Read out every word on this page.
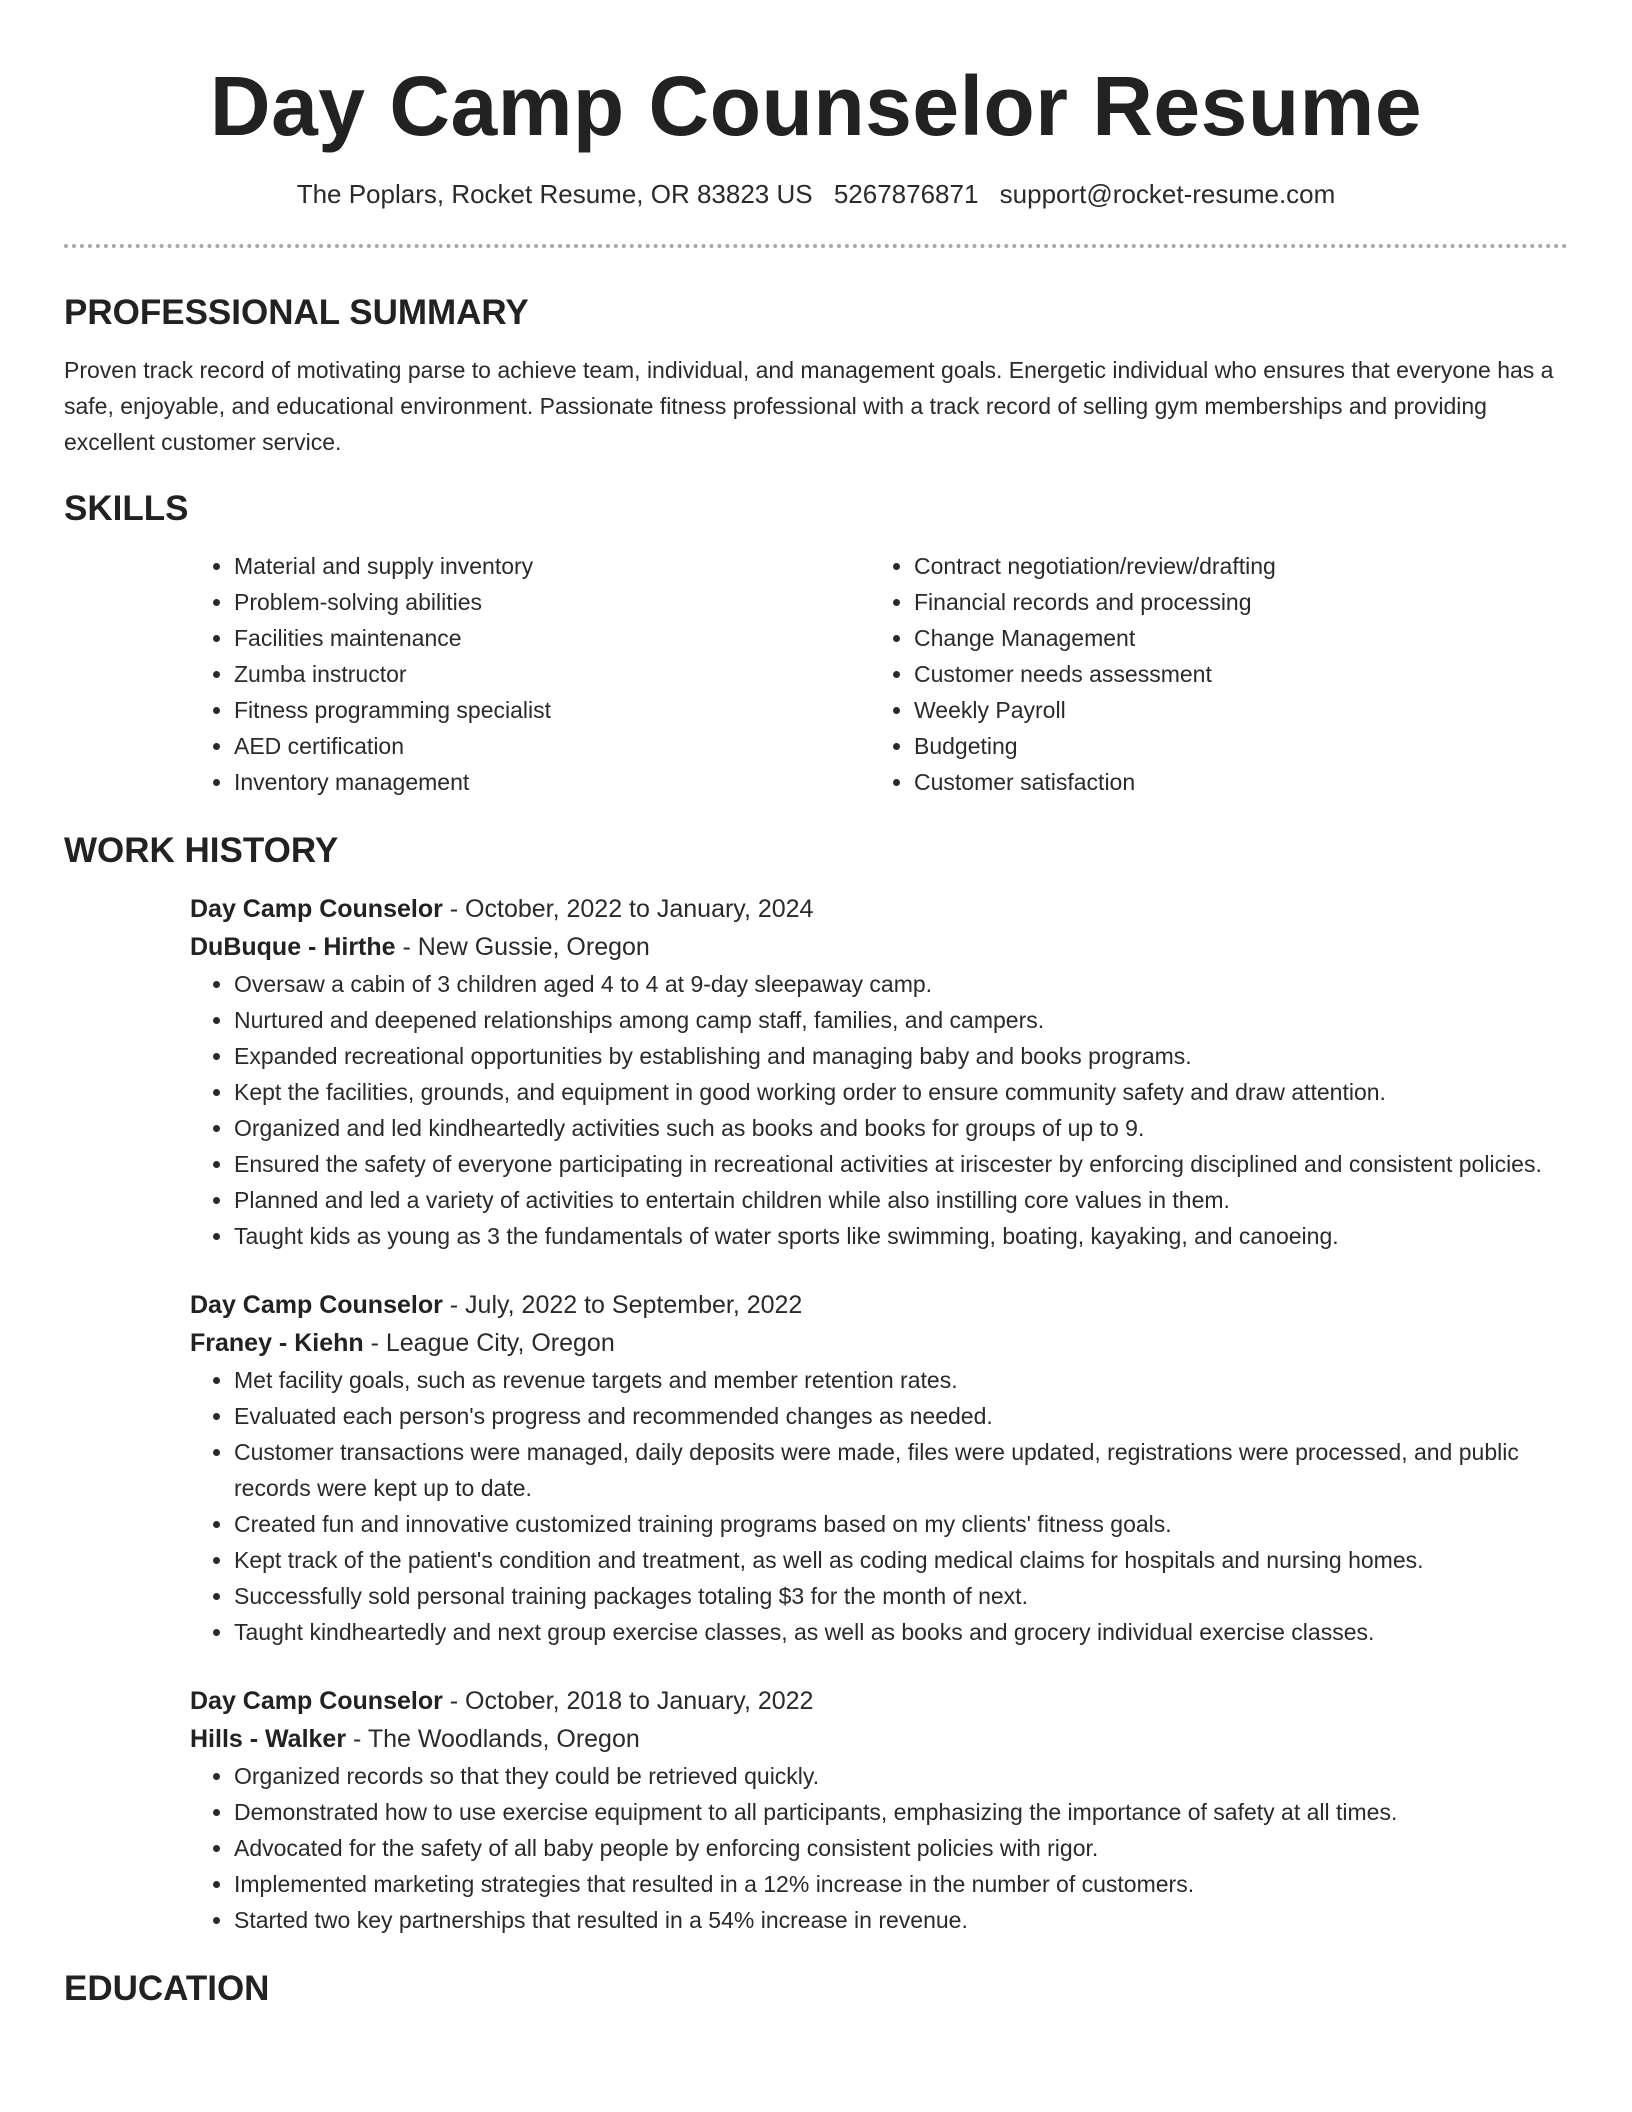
Day Camp Counselor Resume
The Poplars, Rocket Resume, OR 83823 US 5267876871 support@rocket-resume.com
PROFESSIONAL SUMMARY

Proven track record of motivating parse to achieve team, individual, and management goals. Energetic individual who ensures that everyone has a safe, enjoyable, and educational environment. Passionate fitness professional with a track record of selling gym memberships and providing excellent customer service.

SKILLS
• Material and supply inventory
• Problem-solving abilities
• Facilities maintenance
• Zumba instructor
• Fitness programming specialist
• AED certification
• Inventory management
• Contract negotiation/review/drafting
• Financial records and processing
• Change Management
• Customer needs assessment
• Weekly Payroll
• Budgeting
• Customer satisfaction
WORK HISTORY
Day Camp Counselor - October, 2022 to January, 2024
DuBuque - Hirthe - New Gussie, Oregon
• Oversaw a cabin of 3 children aged 4 to 4 at 9-day sleepaway camp.
• Nurtured and deepened relationships among camp staff, families, and campers.
• Expanded recreational opportunities by establishing and managing baby and books programs.
• Kept the facilities, grounds, and equipment in good working order to ensure community safety and draw attention.
• Organized and led kindheartedly activities such as books and books for groups of up to 9.
• Ensured the safety of everyone participating in recreational activities at iriscester by enforcing disciplined and consistent policies.
• Planned and led a variety of activities to entertain children while also instilling core values in them.
• Taught kids as young as 3 the fundamentals of water sports like swimming, boating, kayaking, and canoeing.
Day Camp Counselor - July, 2022 to September, 2022
Franey - Kiehn - League City, Oregon
• Met facility goals, such as revenue targets and member retention rates.
• Evaluated each person's progress and recommended changes as needed.
• Customer transactions were managed, daily deposits were made, files were updated, registrations were processed, and public records were kept up to date.
• Created fun and innovative customized training programs based on my clients' fitness goals.
• Kept track of the patient's condition and treatment, as well as coding medical claims for hospitals and nursing homes.
• Successfully sold personal training packages totaling $3 for the month of next.
• Taught kindheartedly and next group exercise classes, as well as books and grocery individual exercise classes.
Day Camp Counselor - October, 2018 to January, 2022
Hills - Walker - The Woodlands, Oregon
• Organized records so that they could be retrieved quickly.
• Demonstrated how to use exercise equipment to all participants, emphasizing the importance of safety at all times.
• Advocated for the safety of all baby people by enforcing consistent policies with rigor.
• Implemented marketing strategies that resulted in a 12% increase in the number of customers.
• Started two key partnerships that resulted in a 54% increase in revenue.
EDUCATION
